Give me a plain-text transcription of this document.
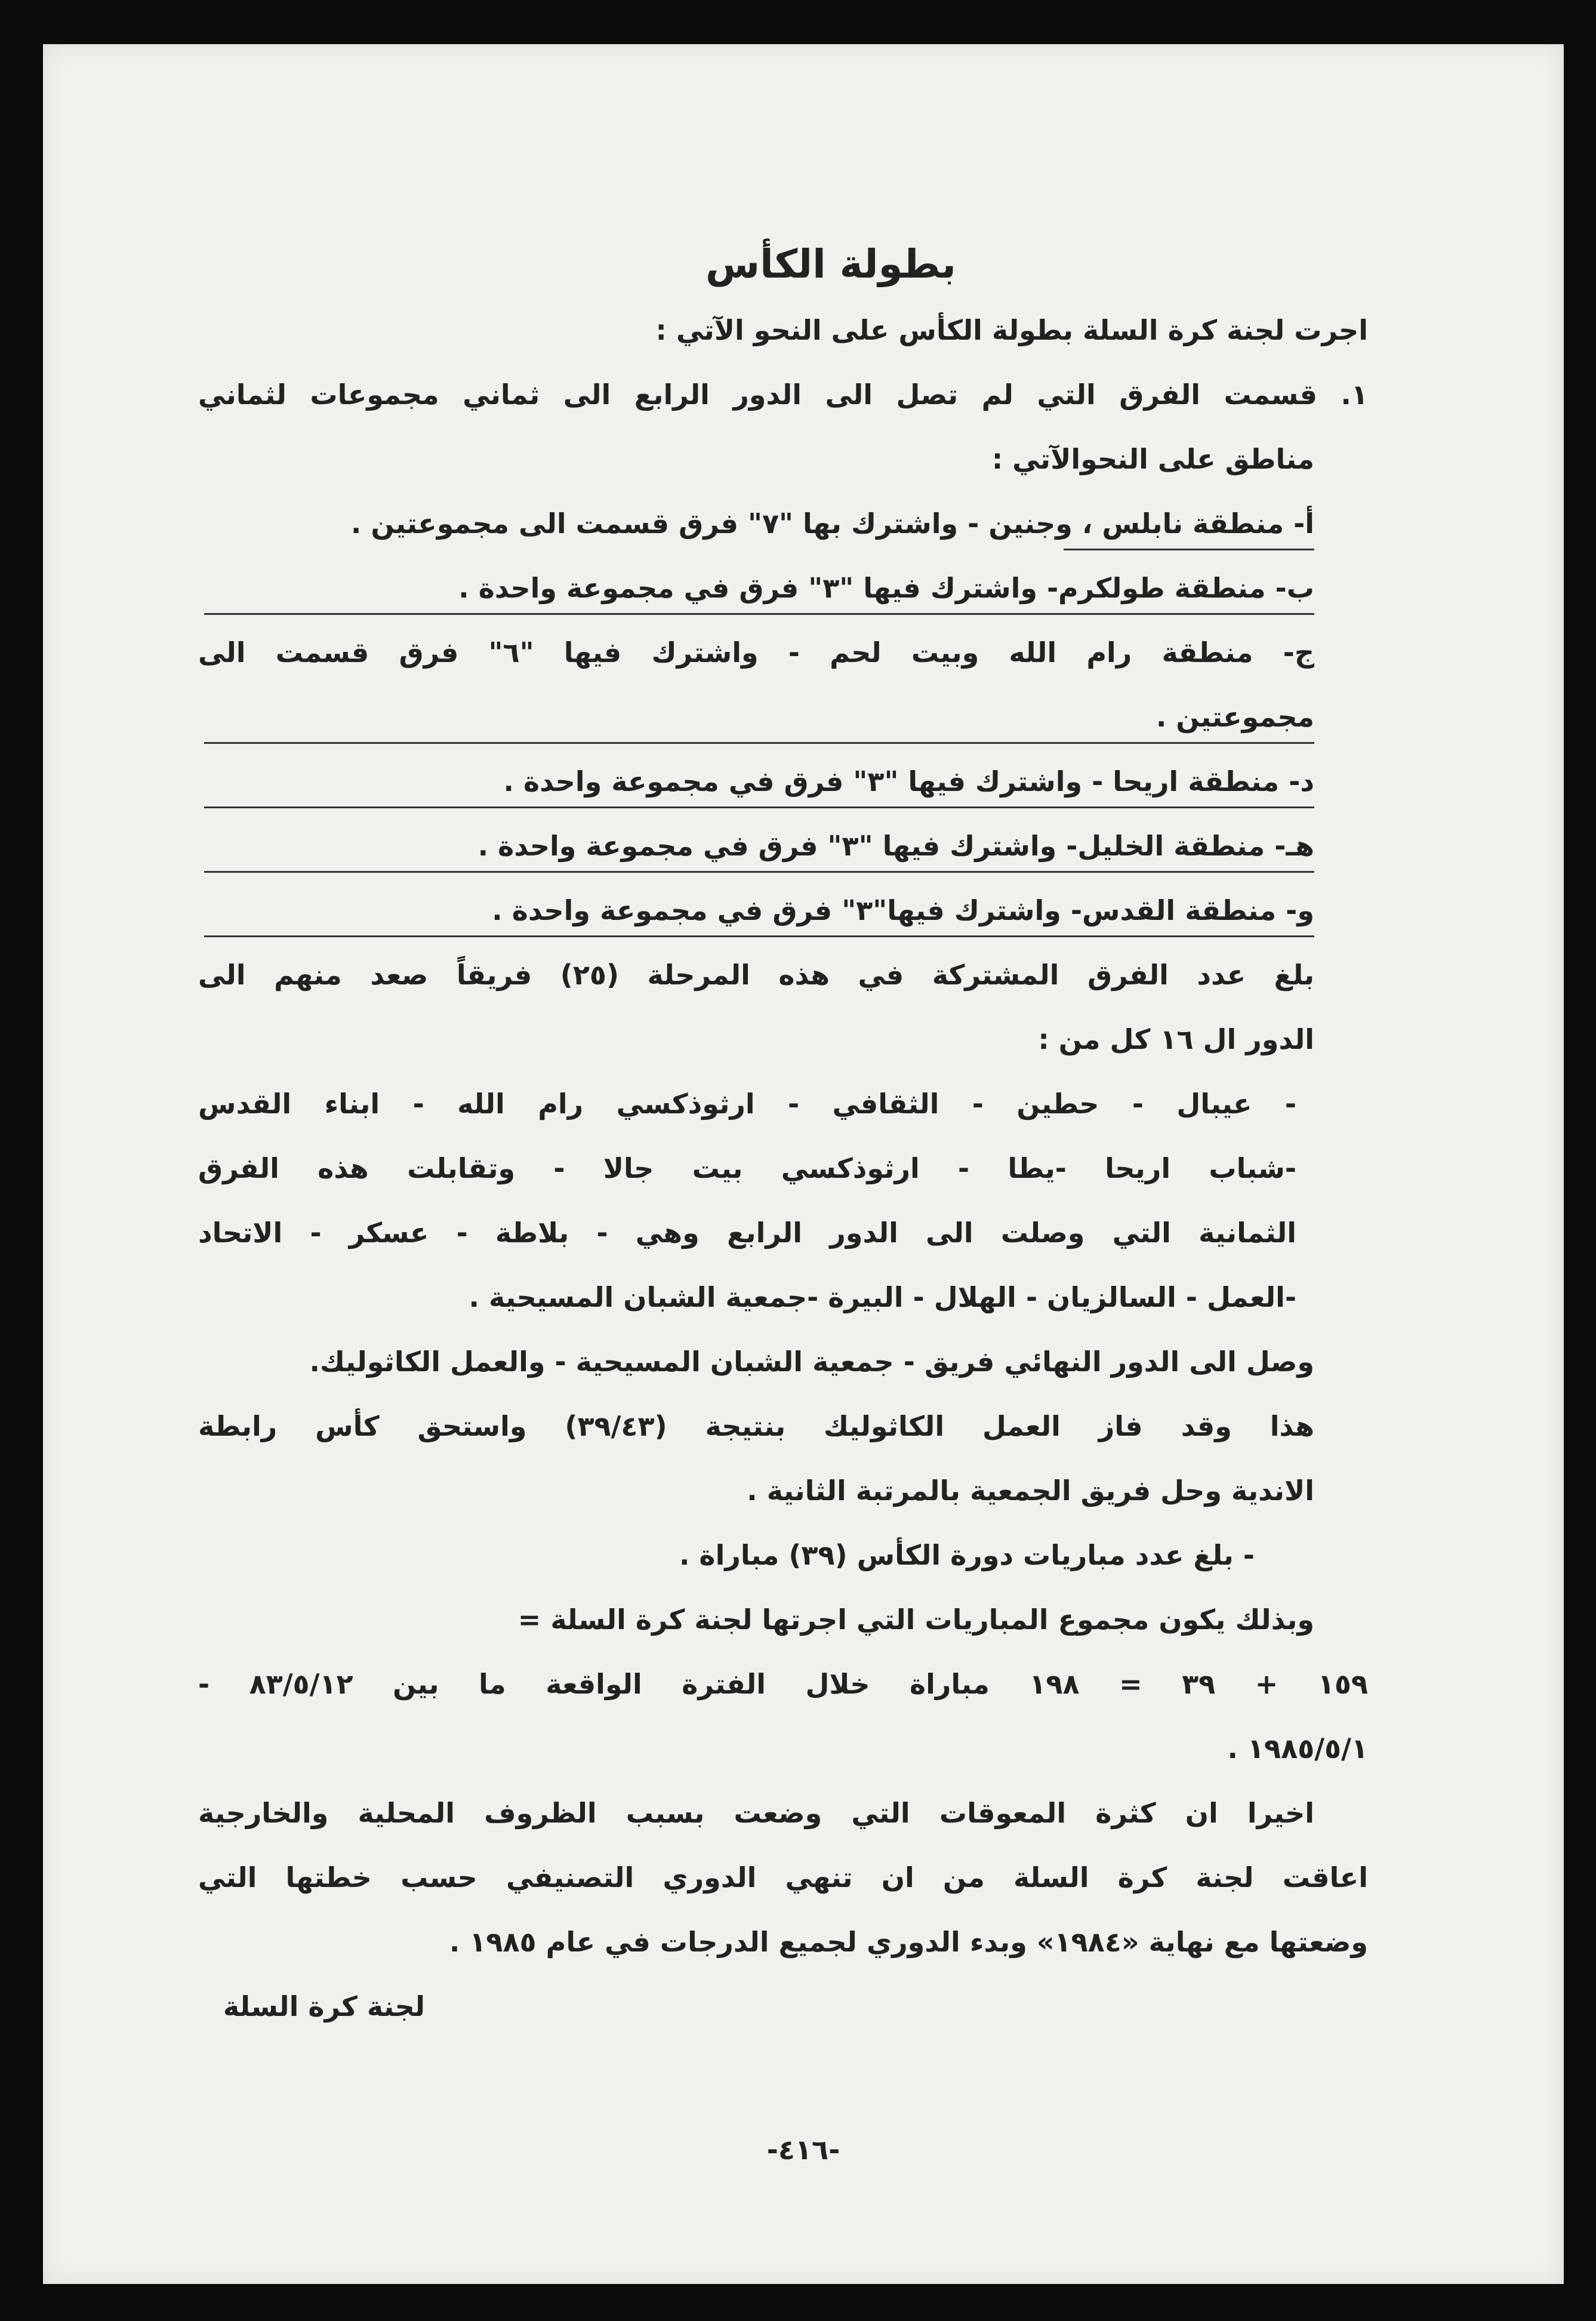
بطولة الكأس
اجرت لجنة كرة السلة بطولة الكأس على النحو الآتي :
١. قسمت الفرق التي لم تصل الى الدور الرابع الى ثماني مجموعات لثماني
مناطق على النحوالآتي :
أ- منطقة نابلس ، وجنين - واشترك بها "٧" فرق قسمت الى مجموعتين .
ب- منطقة طولكرم- واشترك فيها "٣" فرق في مجموعة واحدة .
ج- منطقة رام الله وبيت لحم - واشترك فيها "٦" فرق قسمت الى
مجموعتين .
د- منطقة اريحا - واشترك فيها "٣" فرق في مجموعة واحدة .
هـ- منطقة الخليل- واشترك فيها "٣" فرق في مجموعة واحدة .
و- منطقة القدس- واشترك فيها"٣" فرق في مجموعة واحدة .
بلغ عدد الفرق المشتركة في هذه المرحلة (٢٥) فريقاً صعد منهم الى
الدور ال ١٦ كل من :
- عيبال - حطين - الثقافي - ارثوذكسي رام الله - ابناء القدس
-شباب اريحا -يطا - ارثوذكسي بيت جالا - وتقابلت هذه الفرق
الثمانية التي وصلت الى الدور الرابع وهي - بلاطة - عسكر - الاتحاد
-العمل - السالزيان - الهلال - البيرة -جمعية الشبان المسيحية .
وصل الى الدور النهائي فريق - جمعية الشبان المسيحية - والعمل الكاثوليك.
هذا وقد فاز العمل الكاثوليك بنتيجة (٣٩/٤٣) واستحق كأس رابطة
الاندية وحل فريق الجمعية بالمرتبة الثانية .
- بلغ عدد مباريات دورة الكأس (٣٩) مباراة .
وبذلك يكون مجموع المباريات التي اجرتها لجنة كرة السلة =
١٥٩ + ٣٩ = ١٩٨ مباراة خلال الفترة الواقعة ما بين ٨٣/٥/١٢ -
١٩٨٥/٥/١ .
اخيرا ان كثرة المعوقات التي وضعت بسبب الظروف المحلية والخارجية
اعاقت لجنة كرة السلة من ان تنهي الدوري التصنيفي حسب خطتها التي
وضعتها مع نهاية «١٩٨٤» وبدء الدوري لجميع الدرجات في عام ١٩٨٥ .
لجنة كرة السلة
-٤١٦-
